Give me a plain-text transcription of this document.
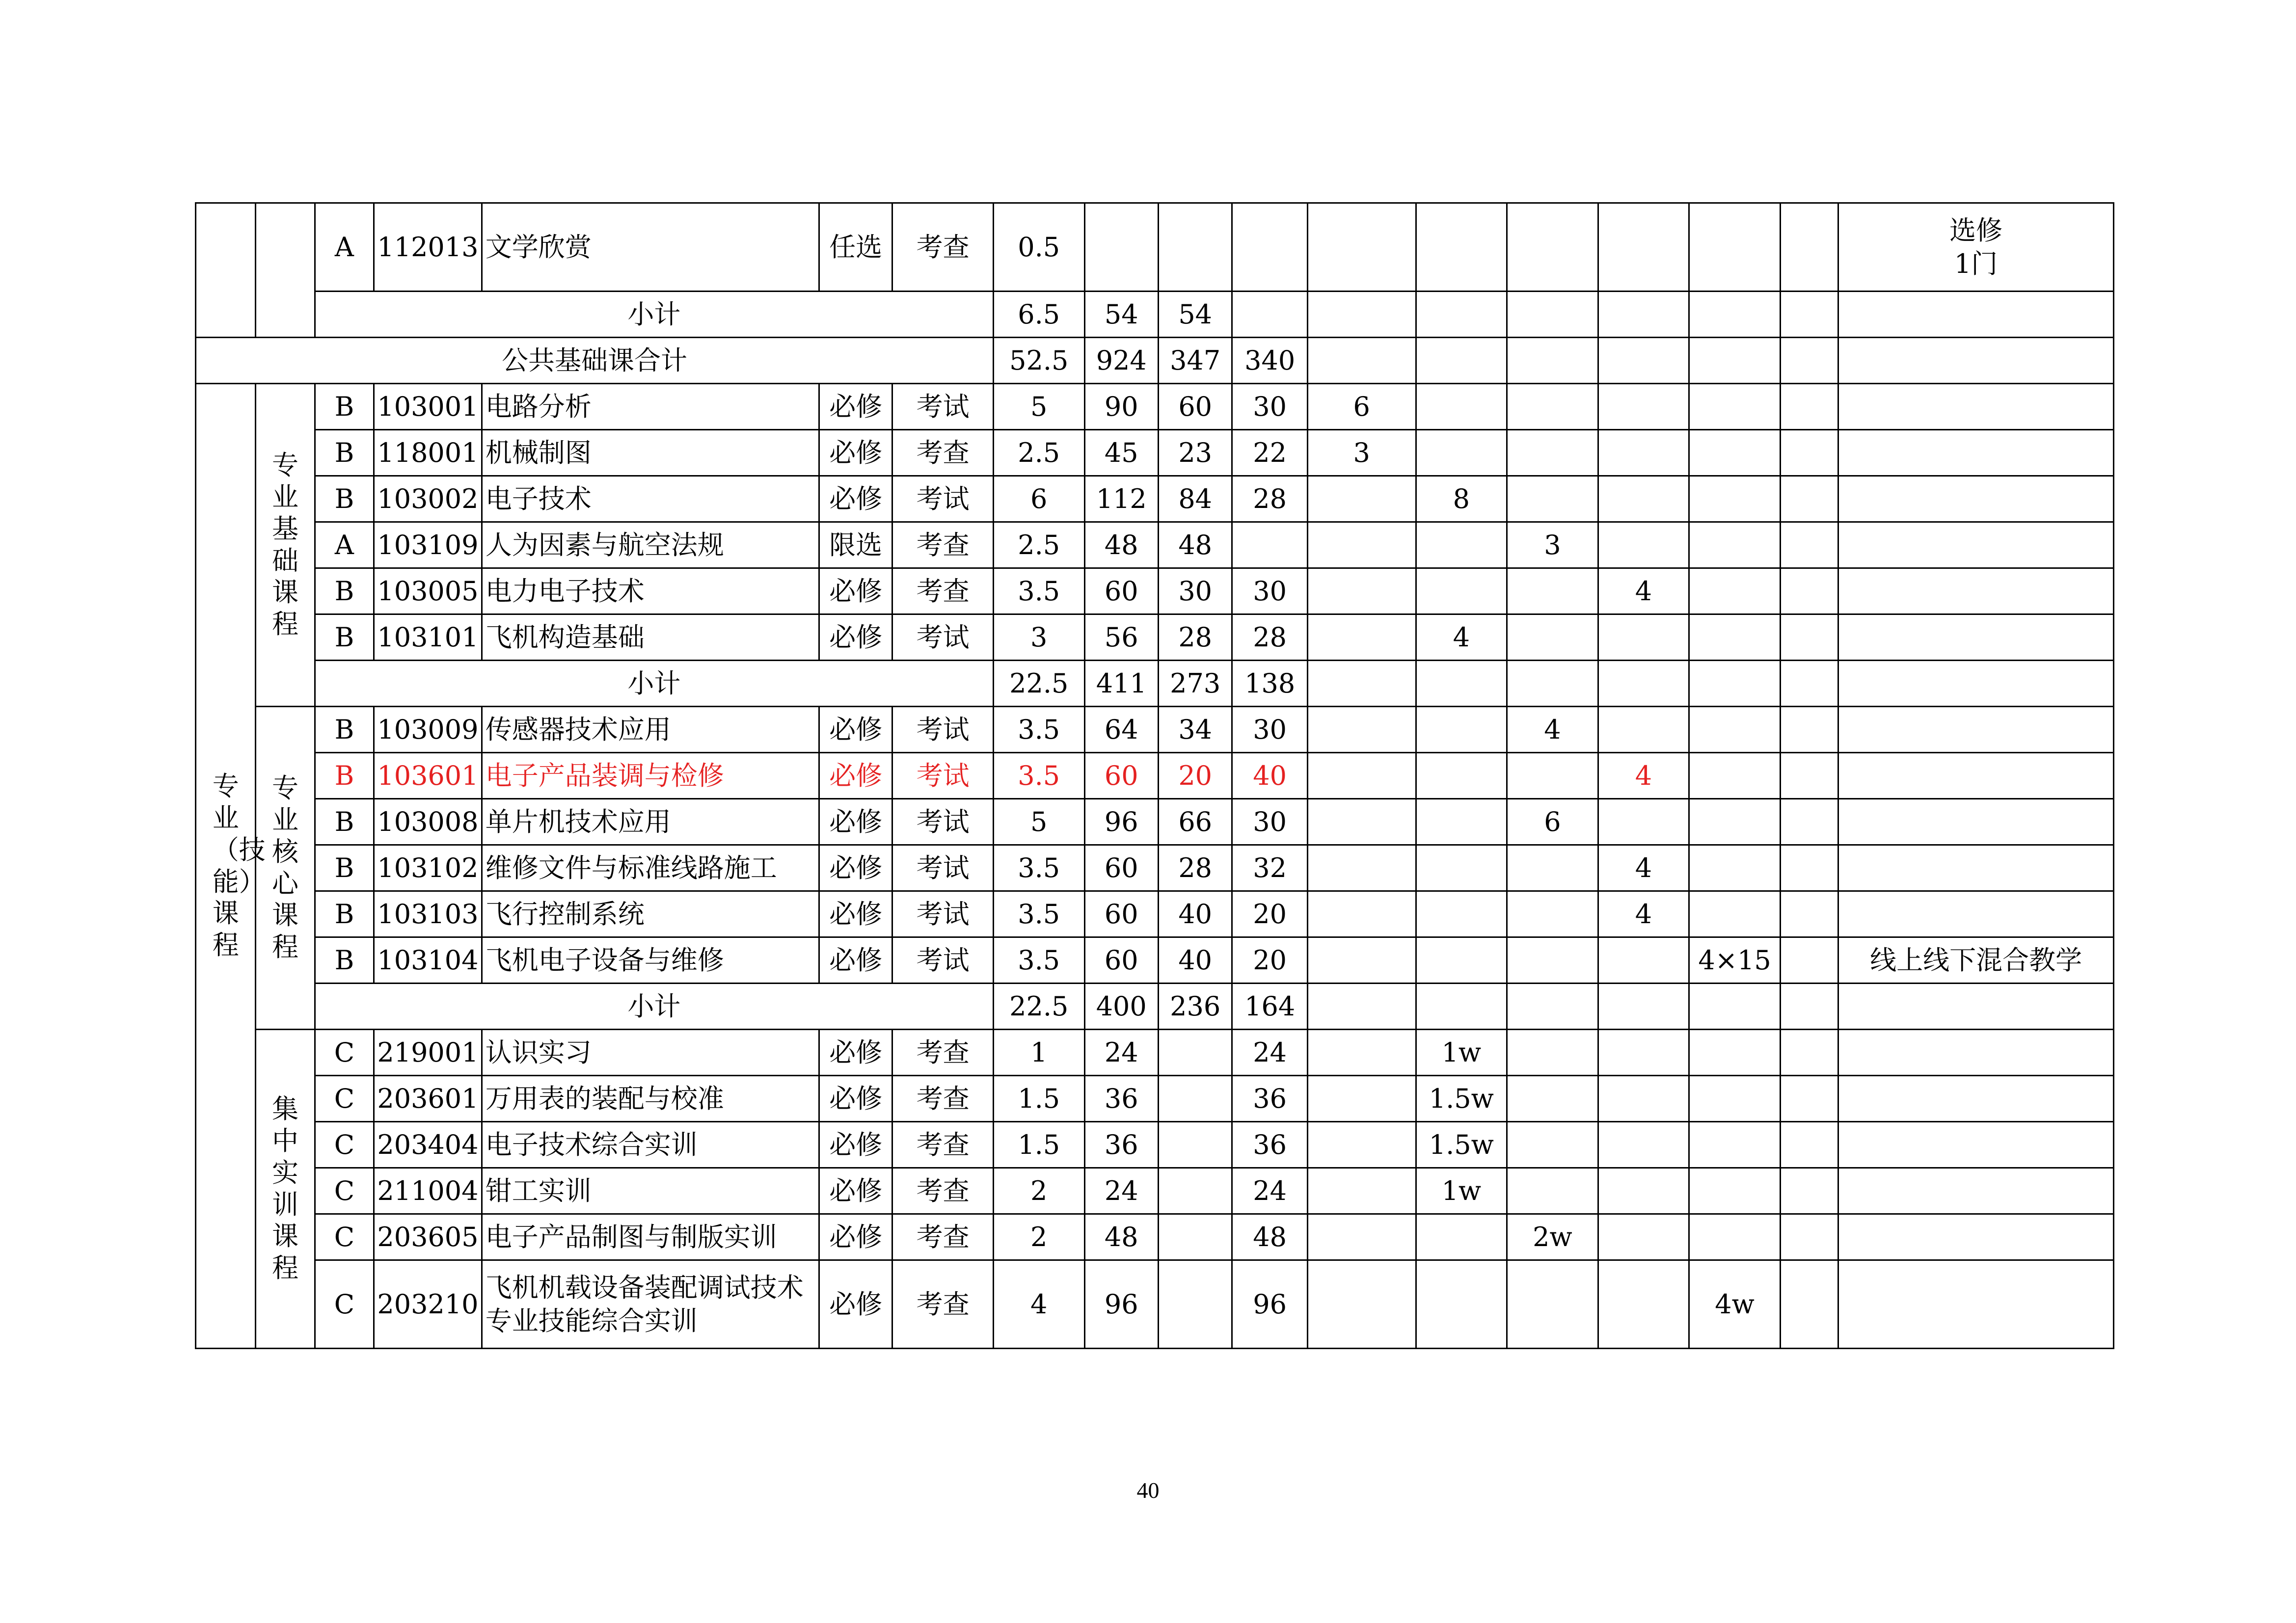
		A	112013	文学欣赏	任选	考查	0.5										选修
1门

		小计					6.5	54	54								
公共基础课合计							52.5	924	347	340							
专业（技能）课程	专业基础课程	B	103001	电路分析	必修	考试	5	90	60	30	6						
		B	118001	机械制图	必修	考查	2.5	45	23	22	3						
		B	103002	电子技术	必修	考试	6	112	84	28		8					
		A	103109	人为因素与航空法规	限选	考查	2.5	48	48				3				
		B	103005	电力电子技术	必修	考查	3.5	60	30	30				4			
		B	103101	飞机构造基础	必修	考试	3	56	28	28		4					
		小计					22.5	411	273	138							
	专业核心课程	B	103009	传感器技术应用	必修	考试	3.5	64	34	30			4				
		B	103601	电子产品装调与检修	必修	考试	3.5	60	20	40				4			
		B	103008	单片机技术应用	必修	考试	5	96	66	30			6				
		B	103102	维修文件与标准线路施工	必修	考试	3.5	60	28	32				4			
		B	103103	飞行控制系统	必修	考试	3.5	60	40	20				4			
		B	103104	飞机电子设备与维修	必修	考试	3.5	60	40	20					4×15		线上线下混合教学
		小计					22.5	400	236	164							
	集中实训课程	C	219001	认识实习	必修	考查	1	24		24		1w					
		C	203601	万用表的装配与校准	必修	考查	1.5	36		36		1.5w					
		C	203404	电子技术综合实训	必修	考查	1.5	36		36		1.5w					
		C	211004	钳工实训	必修	考查	2	24		24		1w					
		C	203605	电子产品制图与制版实训	必修	考查	2	48		48			2w				
		C	203210	飞机机载设备装配调试技术专业技能综合实训	必修	考查	4	96		96					4w		
40
